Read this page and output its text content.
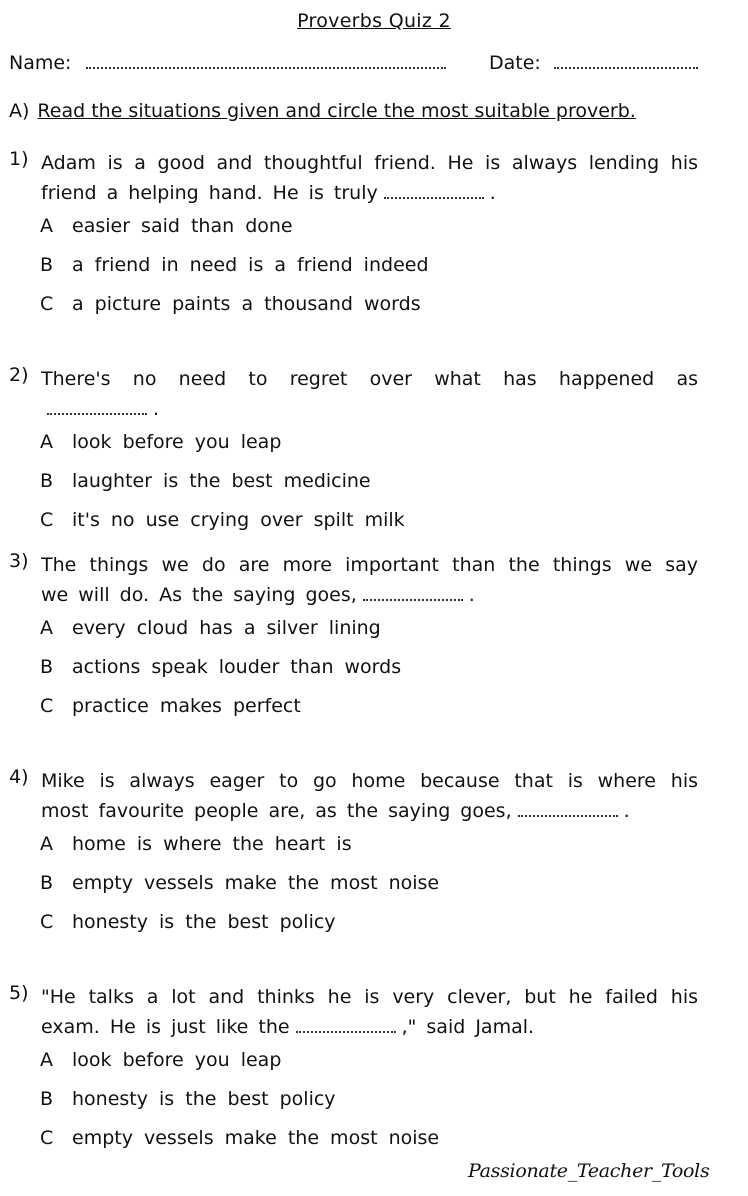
Proverbs Quiz 2
Name:	Date:
A) Read the situations given and circle the most suitable proverb.
1) Adam is a good and thoughtful friend. He is always lending his friend a helping hand. He is truly	.
A easier said than done
B a friend in need is a friend indeed
C a picture paints a thousand words
2) There's no need to regret over what has happened as.
A look before you leap
B laughter is the best medicine
C it's no use crying over spilt milk
3) The things we do are more important than the things we say we will do. As the saying goes,	.
A every cloud has a silver lining
B actions speak louder than words
C practice makes perfect
4) Mike is always eager to go home because that is where his most favourite people are, as the saying goes,	.
A home is where the heart is
B empty vessels make the most noise
C honesty is the best policy
5) "He talks a lot and thinks he is very clever, but he failed his exam. He is just like the	," said Jamal.
A look before you leap
B honesty is the best policy
C empty vessels make the most noise
Passionate_Teacher_Tools
